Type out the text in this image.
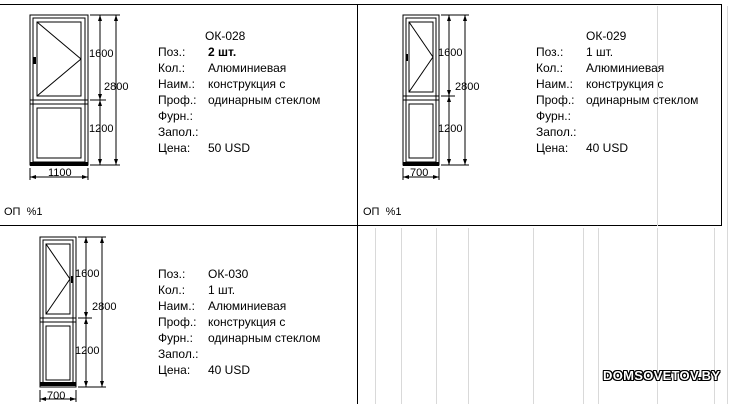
1600
2800
1200
1100
ОК-028
Поз.:	2 шт.
Кол.:	Алюминиевая
Наим.:	конструкция с
Проф.: одинарным стеклом
Фурн.:
Запол.:
Цена:	50 USD
ОП %1
1600
2800
1200
700
ОК-029
Поз.:	1 шт.
Кол.:	Алюминиевая
Наим.:	конструкция с
Проф.: одинарным стеклом
Фурн.:
Запол.:
Цена:	40 USD
ОП %1
1600
2800
1200
700
Поз.:	ОК-030
Кол.:	1 шт.
Наим.:	Алюминиевая
Проф.: конструкция с
Фурн.:	одинарным стеклом
Запол.:
Цена:	40 USD	DOMSOVETOV.BY
